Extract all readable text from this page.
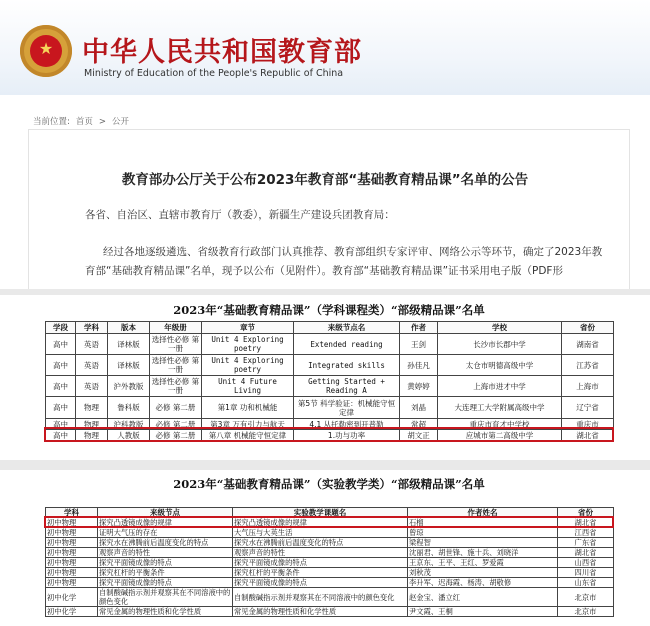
★	中华人民共和国教育部
Ministry of Education of the People's Republic of China
当前位置: 首页 > 公开
教育部办公厅关于公布2023年教育部“基础教育精品课”名单的公告
各省、自治区、直辖市教育厅（教委），新疆生产建设兵团教育局：
经过各地逐级遴选、省级教育行政部门认真推荐、教育部组织专家评审、网络公示等环节，确定了2023年教
育部“基础教育精品课”名单，现予以公布（见附件）。教育部“基础教育精品课”证书采用电子版（PDF形
2023年“基础教育精品课”（学科课程类）“部级精品课”名单
学段	学科	版本	年级册	章节	来级节点名	作者	学校	省份
高中	英语	译林版	选择性必修 第一册	Unit 4 Exploring poetry	Extended reading	王剑	长沙市长郡中学	湖南省
高中	英语	译林版	选择性必修 第一册	Unit 4 Exploring poetry	Integrated skills	孙佳凡	太仓市明德高级中学	江苏省
高中	英语	沪外教版	选择性必修 第一册	Unit 4 Future Living	Getting Started + Reading A	黄婷婷	上海市进才中学	上海市
高中	物理	鲁科版	必修 第二册	第1章 功和机械能	第5节 科学验证：机械能守恒定律	刘晶	大连理工大学附属高级中学	辽宁省
高中	物理	沪科教版	必修 第二册	第3章 万有引力与航天	4.1 从托勒密到开普勒	常超	重庆市育才中学校	重庆市
高中	物理	人教版	必修 第二册	第八章 机械能守恒定律	1.功与功率	胡文正	应城市第二高级中学	湖北省
2023年“基础教育精品课”（实验教学类）“部级精品课”名单
学科	来级节点	实验教学课题名	作者姓名	省份
初中物理	探究凸透镜成像的规律	探究凸透镜成像的规律	石榴	湖北省
初中物理	证明大气压的存在	大气压与大英生活	曾琼	江西省
初中物理	探究水在沸腾前后温度变化的特点	探究水在沸腾前后温度变化的特点	梁程智	广东省
初中物理	观察声音的特性	观察声音的特性	沈丽君、胡世锋、施十兵、刘晓洋	湖北省
初中物理	探究平面镜成像的特点	探究平面镜成像的特点	王京东、王平、王红、罗爱霞	山西省
初中物理	探究杠杆的平衡条件	探究杠杆的平衡条件	刘秋茂	四川省
初中物理	探究平面镜成像的特点	探究平面镜成像的特点	李升军、迟海霞、杨涛、胡敬修	山东省
初中化学	自制酸碱指示剂并观察其在不同溶液中的颜色变化	自制酸碱指示剂并观察其在不同溶液中的颜色变化	赵金宝、潘立红	北京市
初中化学	常见金属的物理性质和化学性质	常见金属的物理性质和化学性质	尹文霞、王桐	北京市
